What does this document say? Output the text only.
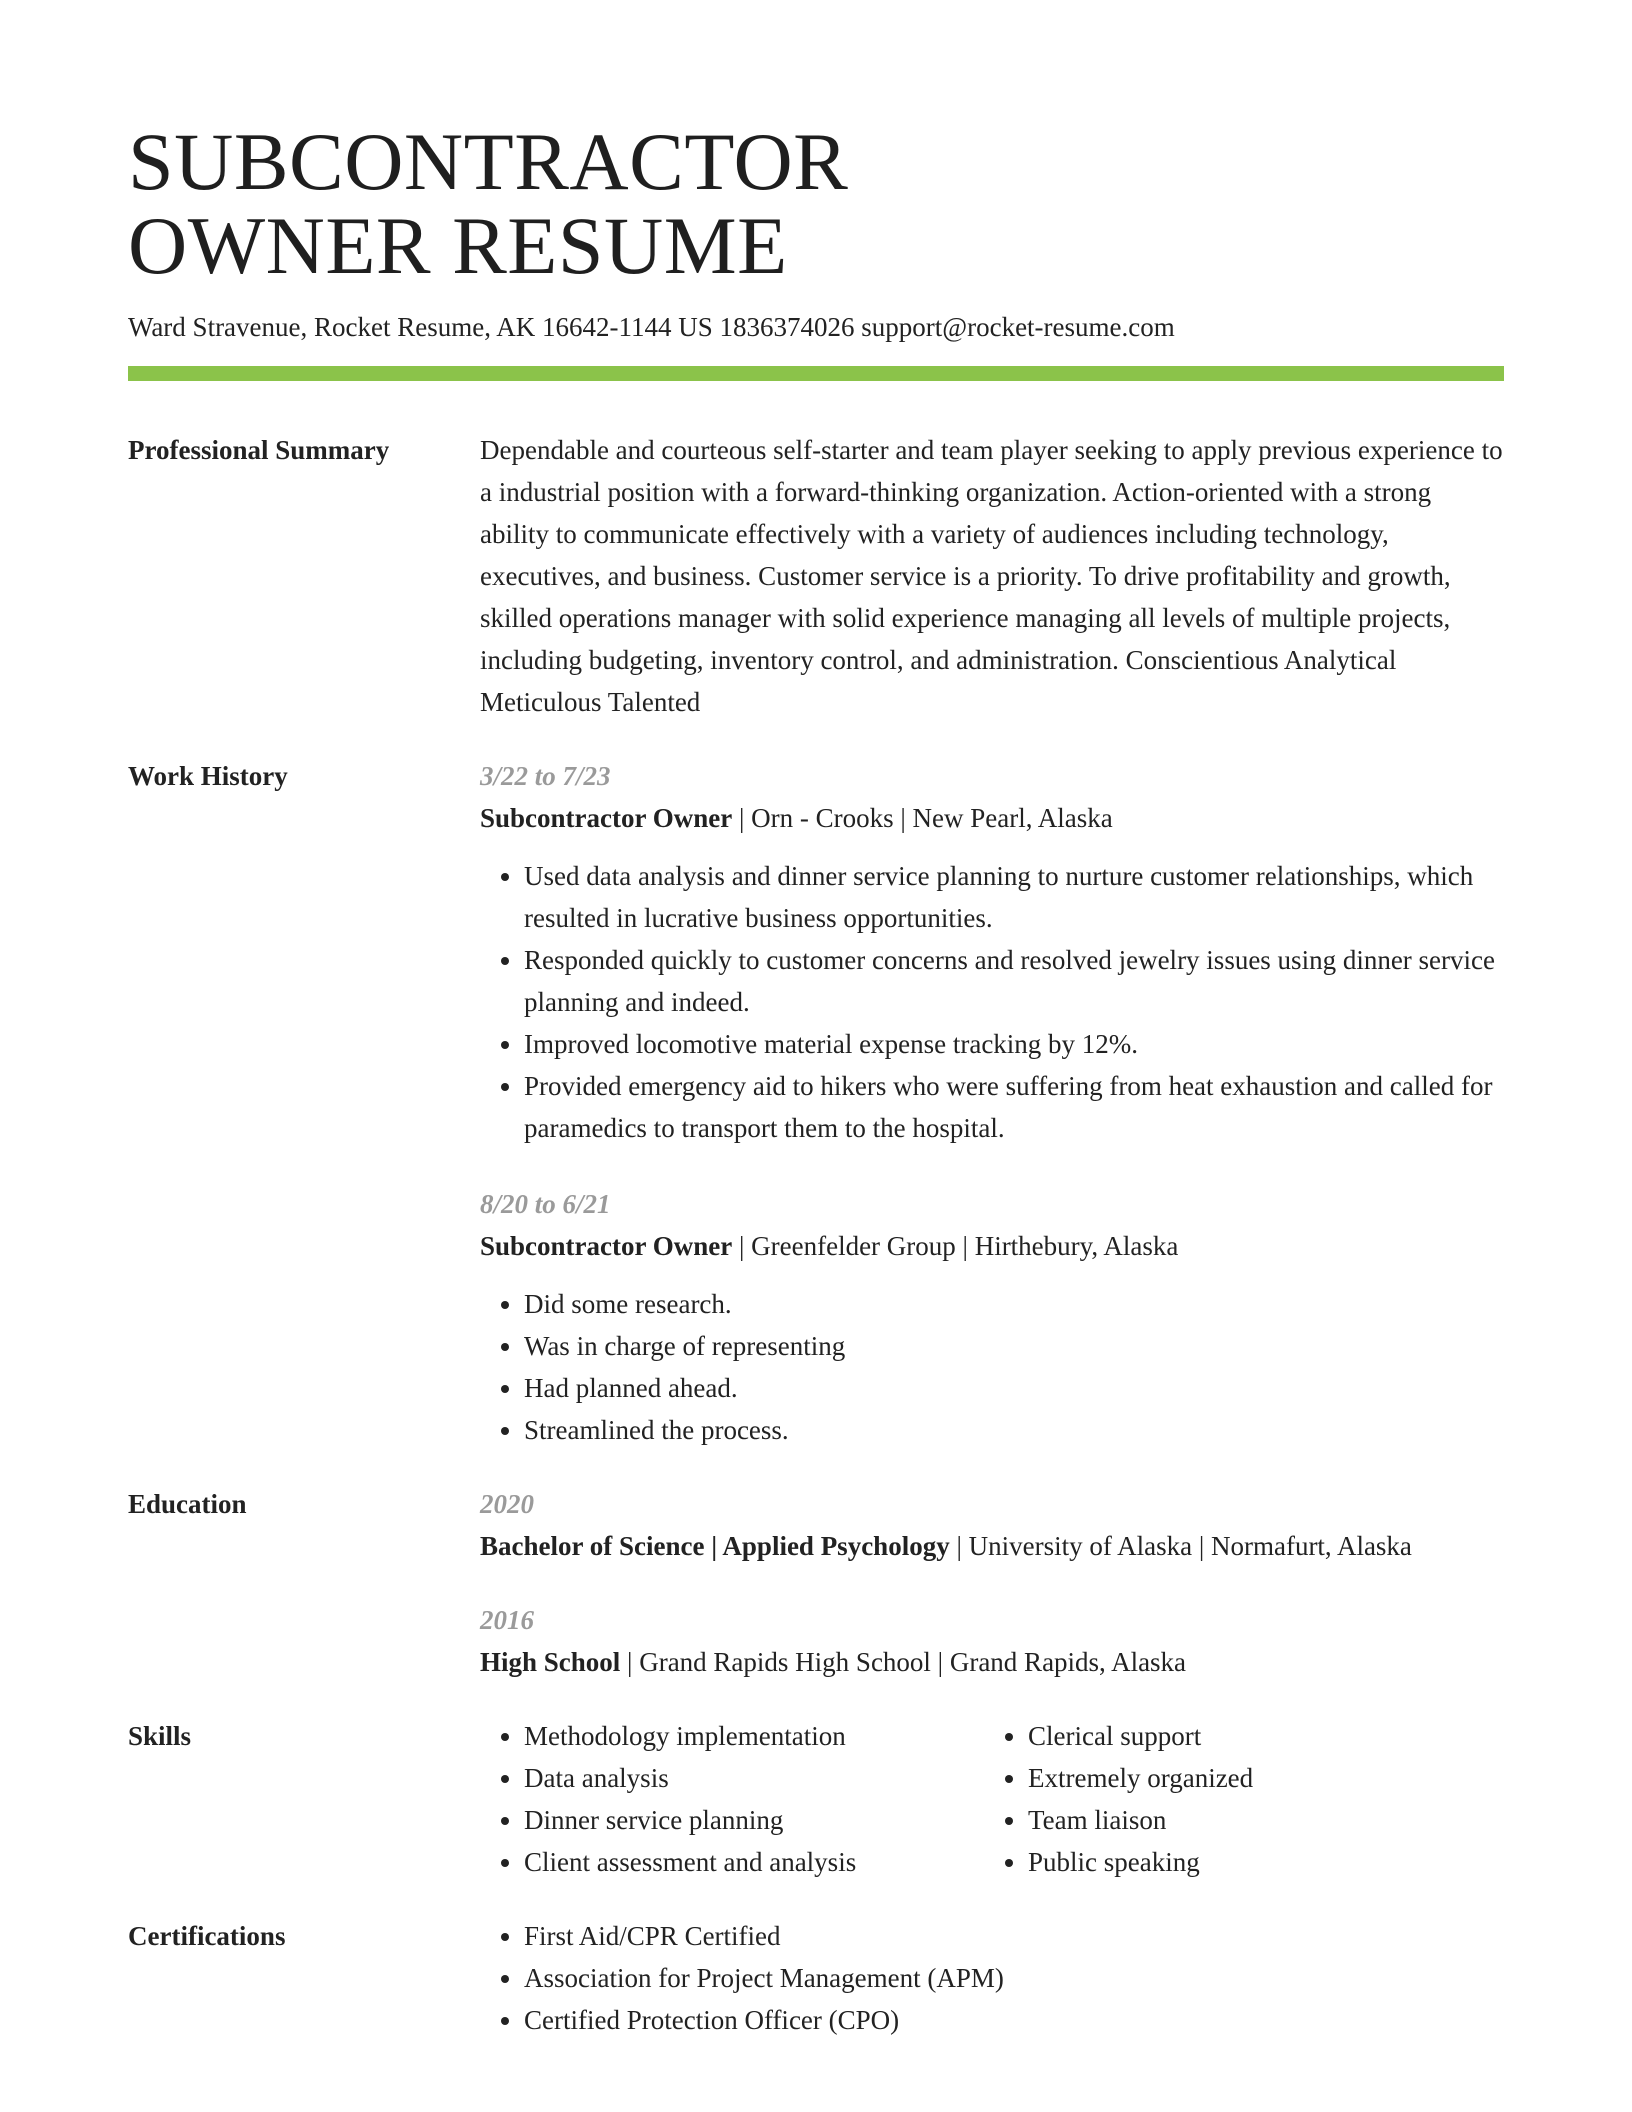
SUBCONTRACTOR
OWNER RESUME
Ward Stravenue, Rocket Resume, AK 16642-1144 US 1836374026 support@rocket-resume.com
Professional Summary	Dependable and courteous self-starter and team player seeking to apply previous experience to a industrial position with a forward-thinking organization. Action-oriented with a strong ability to communicate effectively with a variety of audiences including technology, executives, and business. Customer service is a priority. To drive profitability and growth, skilled operations manager with solid experience managing all levels of multiple projects, including budgeting, inventory control, and administration. Conscientious Analytical Meticulous Talented

Work History	3/22 to 7/23
Subcontractor Owner | Orn - Crooks | New Pearl, Alaska
• Used data analysis and dinner service planning to nurture customer relationships, which resulted in lucrative business opportunities.
• Responded quickly to customer concerns and resolved jewelry issues using dinner service planning and indeed.
• Improved locomotive material expense tracking by 12%.
• Provided emergency aid to hikers who were suffering from heat exhaustion and called for paramedics to transport them to the hospital.
8/20 to 6/21
Subcontractor Owner | Greenfelder Group | Hirthebury, Alaska
• Did some research.
• Was in charge of representing
• Had planned ahead.
• Streamlined the process.
Education	2020
Bachelor of Science | Applied Psychology | University of Alaska | Normafurt, Alaska
2016
High School | Grand Rapids High School | Grand Rapids, Alaska
Skills	• Methodology implementation
• Data analysis
• Dinner service planning
• Client assessment and analysis
• Clerical support
• Extremely organized
• Team liaison
• Public speaking
Certifications	• First Aid/CPR Certified
• Association for Project Management (APM)
• Certified Protection Officer (CPO)
